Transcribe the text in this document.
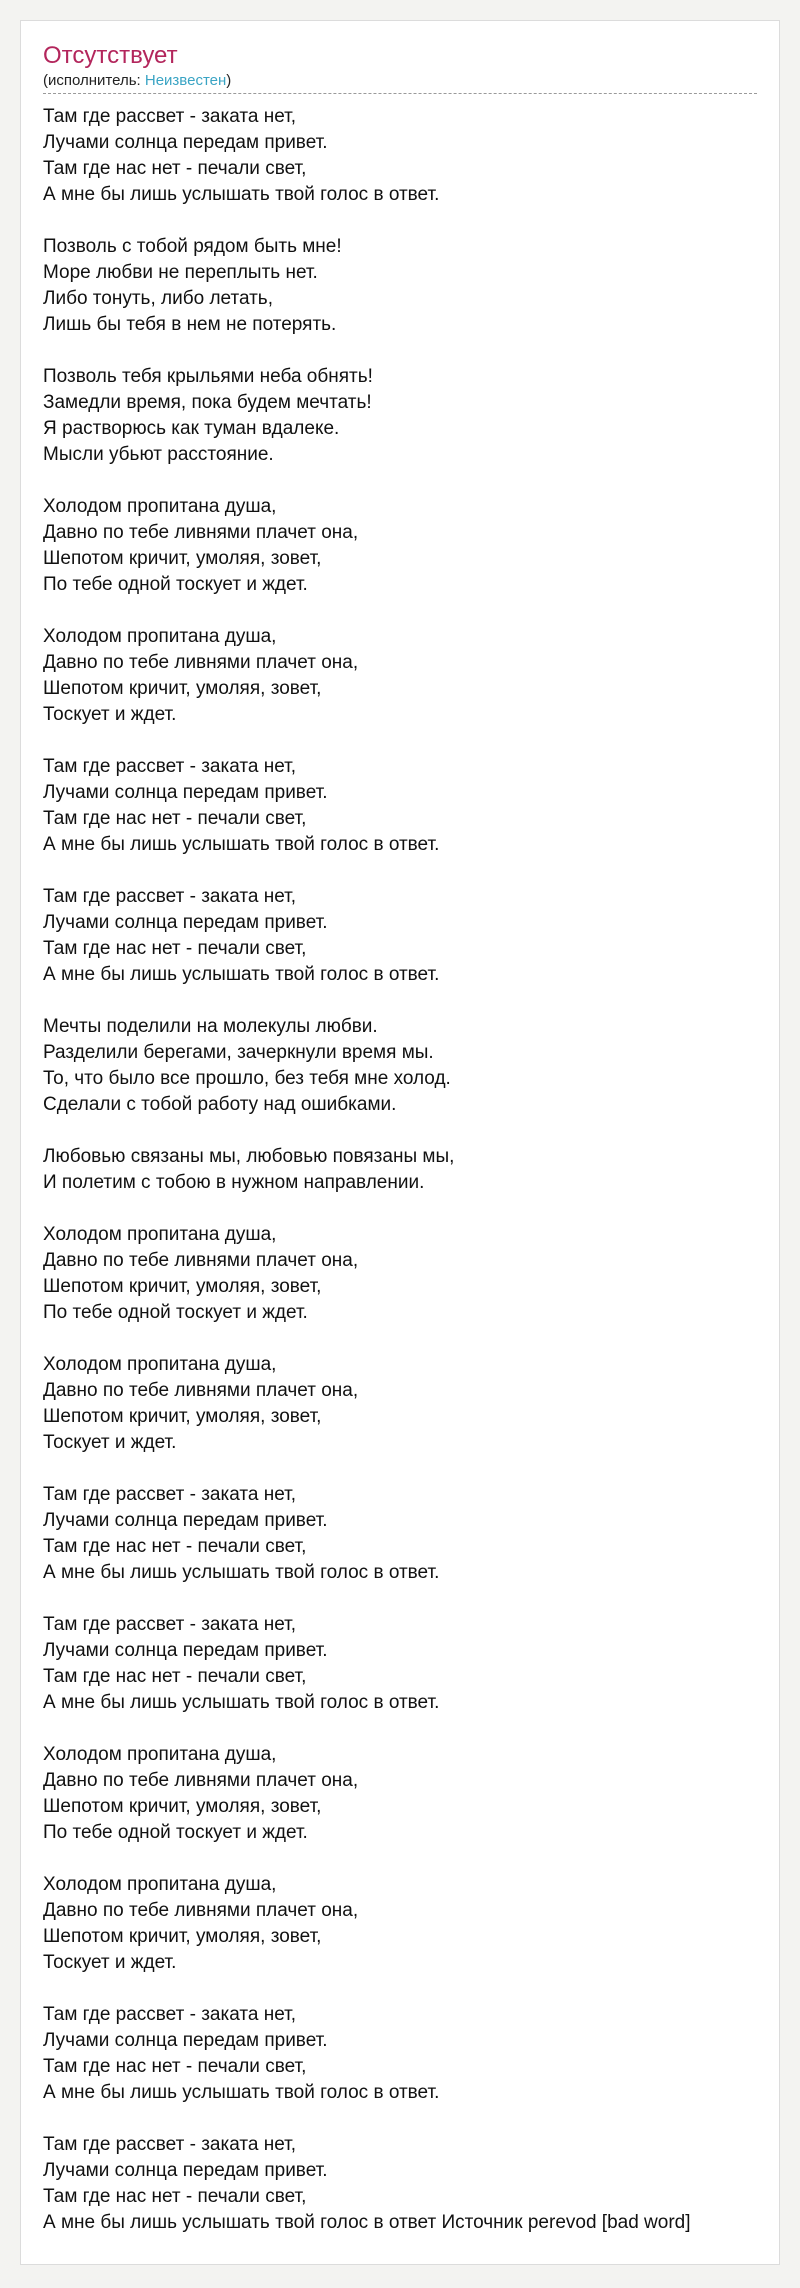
Отсутствует
(исполнитель: Неизвестен)
Там где рассвет - заката нет,
Лучами солнца передам привет.
Там где нас нет - печали свет,
А мне бы лишь услышать твой голос в ответ.
Позволь с тобой рядом быть мне!
Море любви не переплыть нет.
Либо тонуть, либо летать,
Лишь бы тебя в нем не потерять.
Позволь тебя крыльями неба обнять!
Замедли время, пока будем мечтать!
Я растворюсь как туман вдалеке.
Мысли убьют расстояние.
Холодом пропитана душа,
Давно по тебе ливнями плачет она,
Шепотом кричит, умоляя, зовет,
По тебе одной тоскует и ждет.
Холодом пропитана душа,
Давно по тебе ливнями плачет она,
Шепотом кричит, умоляя, зовет,
Тоскует и ждет.
Там где рассвет - заката нет,
Лучами солнца передам привет.
Там где нас нет - печали свет,
А мне бы лишь услышать твой голос в ответ.
Там где рассвет - заката нет,
Лучами солнца передам привет.
Там где нас нет - печали свет,
А мне бы лишь услышать твой голос в ответ.
Мечты поделили на молекулы любви.
Разделили берегами, зачеркнули время мы.
То, что было все прошло, без тебя мне холод.
Сделали с тобой работу над ошибками.
Любовью связаны мы, любовью повязаны мы,
И полетим с тобою в нужном направлении.
Холодом пропитана душа,
Давно по тебе ливнями плачет она,
Шепотом кричит, умоляя, зовет,
По тебе одной тоскует и ждет.
Холодом пропитана душа,
Давно по тебе ливнями плачет она,
Шепотом кричит, умоляя, зовет,
Тоскует и ждет.
Там где рассвет - заката нет,
Лучами солнца передам привет.
Там где нас нет - печали свет,
А мне бы лишь услышать твой голос в ответ.
Там где рассвет - заката нет,
Лучами солнца передам привет.
Там где нас нет - печали свет,
А мне бы лишь услышать твой голос в ответ.
Холодом пропитана душа,
Давно по тебе ливнями плачет она,
Шепотом кричит, умоляя, зовет,
По тебе одной тоскует и ждет.
Холодом пропитана душа,
Давно по тебе ливнями плачет она,
Шепотом кричит, умоляя, зовет,
Тоскует и ждет.
Там где рассвет - заката нет,
Лучами солнца передам привет.
Там где нас нет - печали свет,
А мне бы лишь услышать твой голос в ответ.
Там где рассвет - заката нет,
Лучами солнца передам привет.
Там где нас нет - печали свет,
А мне бы лишь услышать твой голос в ответ Источник perevod [bad word]
